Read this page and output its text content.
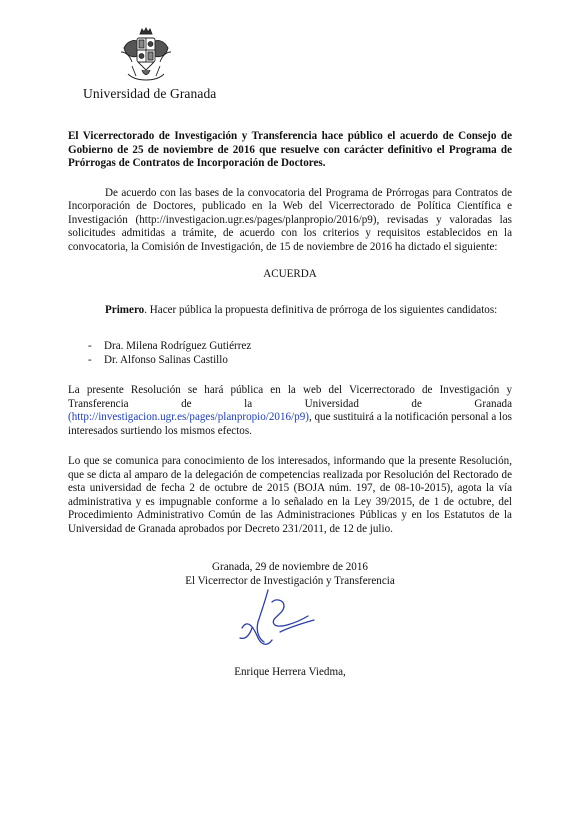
Universidad de Granada

El Vicerrectorado de Investigación y Transferencia hace público el acuerdo de Consejo de Gobierno de 25 de noviembre de 2016 que resuelve con carácter definitivo el Programa de Prórrogas de Contratos de Incorporación de Doctores.

De acuerdo con las bases de la convocatoria del Programa de Prórrogas para Contratos de Incorporación de Doctores, publicado en la Web del Vicerrectorado de Política Científica e Investigación (http://investigacion.ugr.es/pages/planpropio/2016/p9), revisadas y valoradas las solicitudes admitidas a trámite, de acuerdo con los criterios y requisitos establecidos en la convocatoria, la Comisión de Investigación, de 15 de noviembre de 2016 ha dictado el siguiente:

ACUERDA

Primero. Hacer pública la propuesta definitiva de prórroga de los siguientes candidatos:

- Dra. Milena Rodríguez Gutiérrez
- Dr. Alfonso Salinas Castillo

La presente Resolución se hará pública en la web del Vicerrectorado de Investigación y Transferencia de la Universidad de Granada
(http://investigacion.ugr.es/pages/planpropio/2016/p9), que sustituirá a la notificación personal a los interesados surtiendo los mismos efectos.

Lo que se comunica para conocimiento de los interesados, informando que la presente Resolución, que se dicta al amparo de la delegación de competencias realizada por Resolución del Rectorado de esta universidad de fecha 2 de octubre de 2015 (BOJA núm. 197, de 08-10-2015), agota la vía administrativa y es impugnable conforme a lo señalado en la Ley 39/2015, de 1 de octubre, del Procedimiento Administrativo Común de las Administraciones Públicas y en los Estatutos de la Universidad de Granada aprobados por Decreto 231/2011, de 12 de julio.

Granada, 29 de noviembre de 2016
El Vicerrector de Investigación y Transferencia
Enrique Herrera Viedma,
